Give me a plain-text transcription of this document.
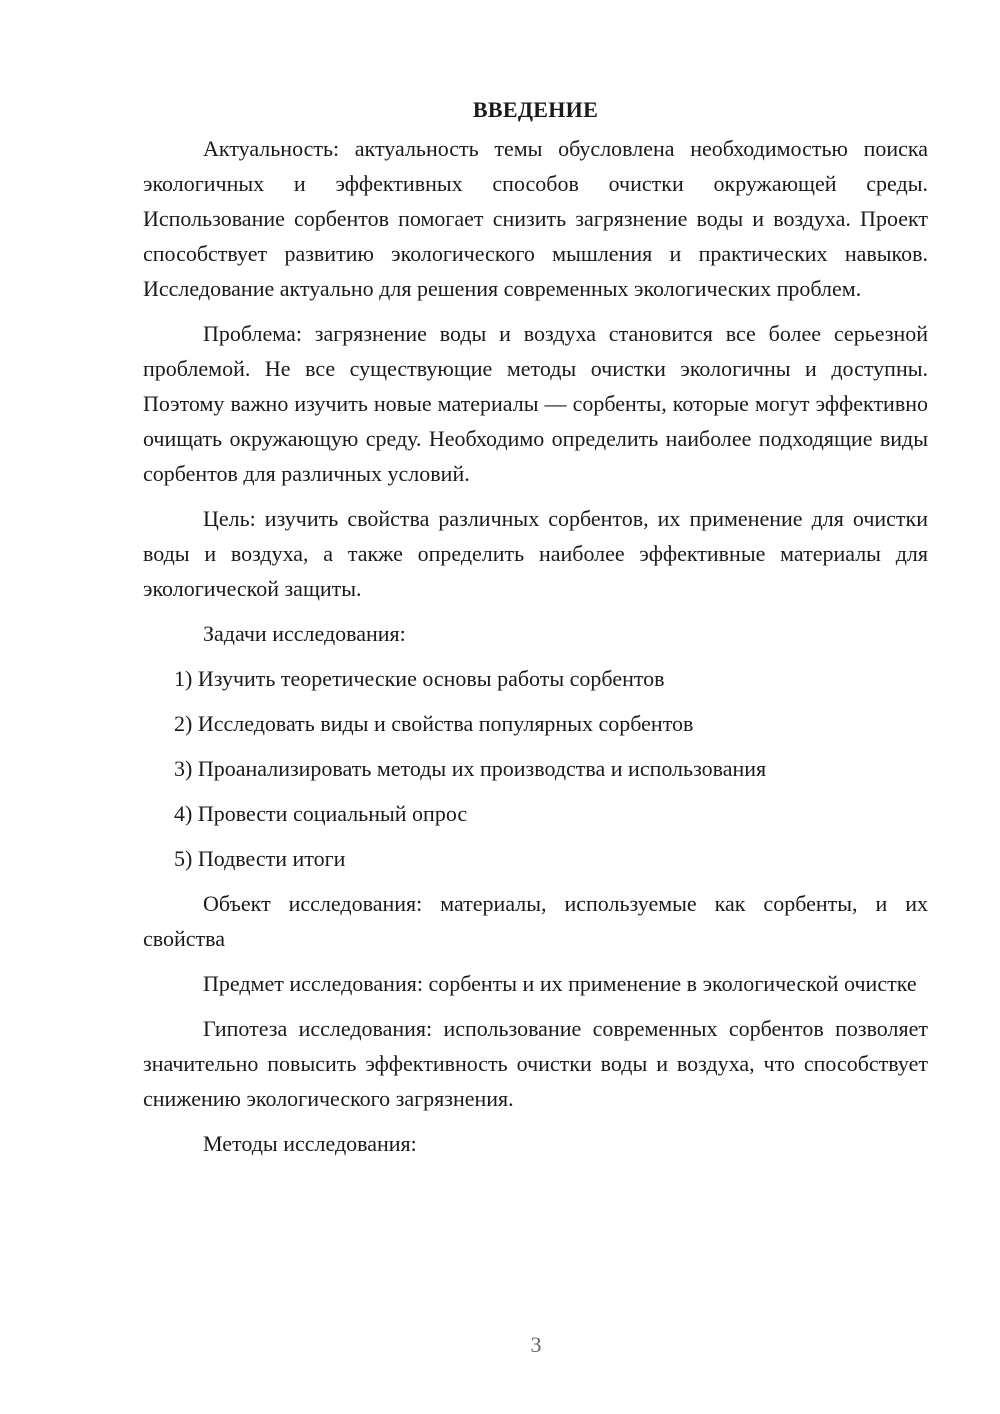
ВВЕДЕНИЕ

Актуальность: актуальность темы обусловлена необходимостью поиска экологичных и эффективных способов очистки окружающей среды. Использование сорбентов помогает снизить загрязнение воды и воздуха. Проект способствует развитию экологического мышления и практических навыков. Исследование актуально для решения современных экологических проблем.

Проблема: загрязнение воды и воздуха становится все более серьезной проблемой. Не все существующие методы очистки экологичны и доступны. Поэтому важно изучить новые материалы — сорбенты, которые могут эффективно очищать окружающую среду. Необходимо определить наиболее подходящие виды сорбентов для различных условий.

Цель: изучить свойства различных сорбентов, их применение для очистки воды и воздуха, а также определить наиболее эффективные материалы для экологической защиты.

Задачи исследования:

1) Изучить теоретические основы работы сорбентов
2) Исследовать виды и свойства популярных сорбентов
3) Проанализировать методы их производства и использования
4) Провести социальный опрос
5) Подвести итоги

Объект исследования: материалы, используемые как сорбенты, и их свойства

Предмет исследования: сорбенты и их применение в экологической очистке

Гипотеза исследования: использование современных сорбентов позволяет значительно повысить эффективность очистки воды и воздуха, что способствует снижению экологического загрязнения.

Методы исследования:

3
